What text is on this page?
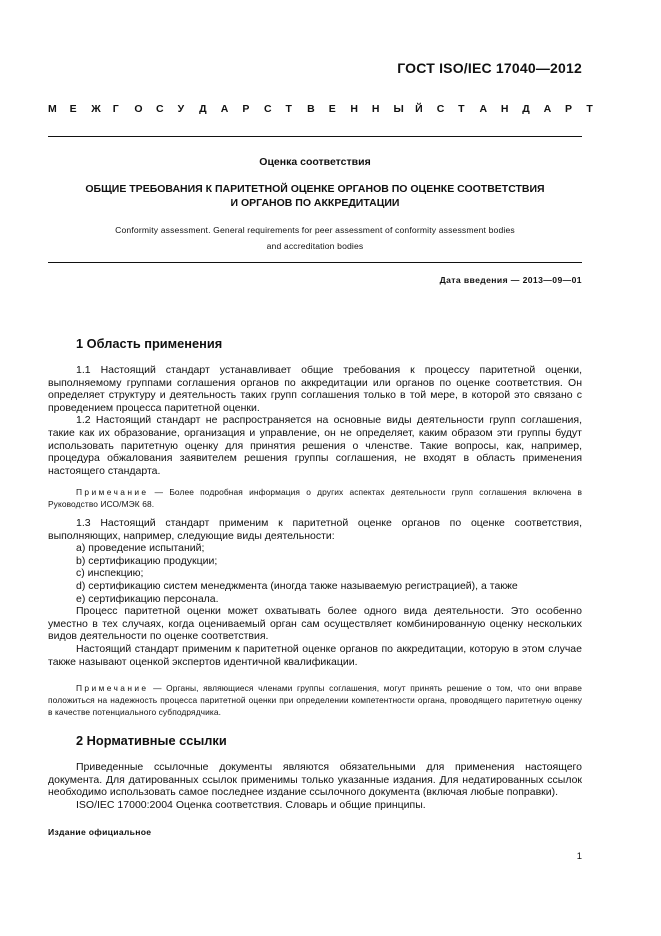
ГОСТ ISO/IEC 17040—2012
М	Е	Ж	Г	О	С	У	Д	А	Р	С	Т	В	Е	Н	Н	Ы	Й	С	Т	А	Н	Д	А	Р	Т
Оценка соответствия
ОБЩИЕ ТРЕБОВАНИЯ К ПАРИТЕТНОЙ ОЦЕНКЕ ОРГАНОВ ПО ОЦЕНКЕ СООТВЕТСТВИЯ
И ОРГАНОВ ПО АККРЕДИТАЦИИ
Conformity assessment. General requirements for peer assessment of conformity assessment bodies
and accreditation bodies
Дата введения — 2013—09—01
1 Область применения

1.1 Настоящий стандарт устанавливает общие требования к процессу паритетной оценки, выполняемому группами соглашения органов по аккредитации или органов по оценке соответствия. Он определяет структуру и деятельность таких групп соглашения только в той мере, в которой это связано с проведением процесса паритетной оценки.

1.2 Настоящий стандарт не распространяется на основные виды деятельности групп соглашения, такие как их образование, организация и управление, он не определяет, каким образом эти группы будут использовать паритетную оценку для принятия решения о членстве. Такие вопросы, как, например, процедура обжалования заявителем решения группы соглашения, не входят в область применения настоящего стандарта.

Примечание — Более подробная информация о других аспектах деятельности групп соглашения включена в Руководство ИСО/МЭК 68.

1.3 Настоящий стандарт применим к паритетной оценке органов по оценке соответствия, выполняющих, например, следующие виды деятельности:

а) проведение испытаний;

b) сертификацию продукции;

с) инспекцию;

d) сертификацию систем менеджмента (иногда также называемую регистрацией), а также

е) сертификацию персонала.

Процесс паритетной оценки может охватывать более одного вида деятельности. Это особенно уместно в тех случаях, когда оцениваемый орган сам осуществляет комбинированную оценку нескольких видов деятельности по оценке соответствия.

Настоящий стандарт применим к паритетной оценке органов по аккредитации, которую в этом случае также называют оценкой экспертов идентичной квалификации.

Примечание — Органы, являющиеся членами группы соглашения, могут принять решение о том, что они вправе положиться на надежность процесса паритетной оценки при определении компетентности органа, проводящего паритетную оценку в качестве потенциального субподрядчика.

2 Нормативные ссылки

Приведенные ссылочные документы являются обязательными для применения настоящего документа. Для датированных ссылок применимы только указанные издания. Для недатированных ссылок необходимо использовать самое последнее издание ссылочного документа (включая любые поправки).

ISO/IEC 17000:2004 Оценка соответствия. Словарь и общие принципы.

Издание официальное
1
